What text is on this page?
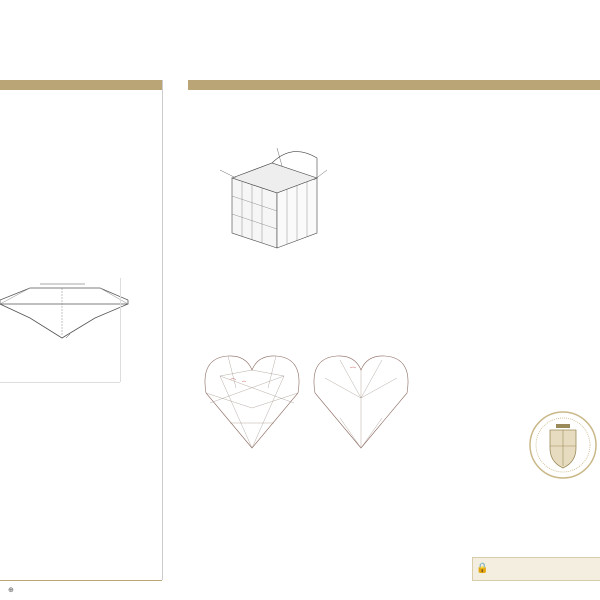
⊕
🔒
